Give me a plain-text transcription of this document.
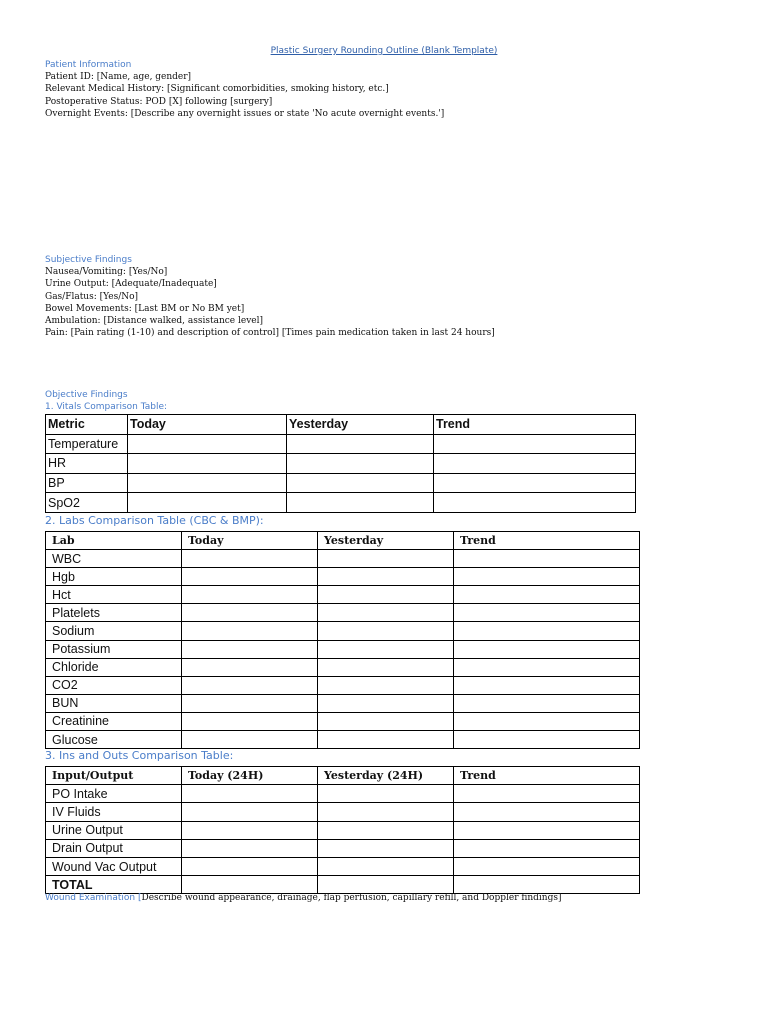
Plastic Surgery Rounding Outline (Blank Template)

Patient Information

Patient ID: [Name, age, gender]

Relevant Medical History: [Significant comorbidities, smoking history, etc.]

Postoperative Status: POD [X] following [surgery]

Overnight Events: [Describe any overnight issues or state 'No acute overnight events.']

Subjective Findings

Nausea/Vomiting: [Yes/No]

Urine Output: [Adequate/Inadequate]

Gas/Flatus: [Yes/No]

Bowel Movements: [Last BM or No BM yet]

Ambulation: [Distance walked, assistance level]

Pain: [Pain rating (1-10) and description of control] [Times pain medication taken in last 24 hours]

Objective Findings

1. Vitals Comparison Table:

Metric	Today	Yesterday	Trend
Temperature			
HR			
BP			
SpO2			
2. Labs Comparison Table (CBC & BMP):
Lab	Today	Yesterday	Trend
WBC			
Hgb			
Hct			
Platelets			
Sodium			
Potassium			
Chloride			
CO2			
BUN			
Creatinine			
Glucose			
3. Ins and Outs Comparison Table:
Input/Output	Today (24H)	Yesterday (24H)	Trend
PO Intake			
IV Fluids			
Urine Output			
Drain Output			
Wound Vac Output			
TOTAL			
Wound Examination [Describe wound appearance, drainage, flap perfusion, capillary refill, and Doppler findings]
